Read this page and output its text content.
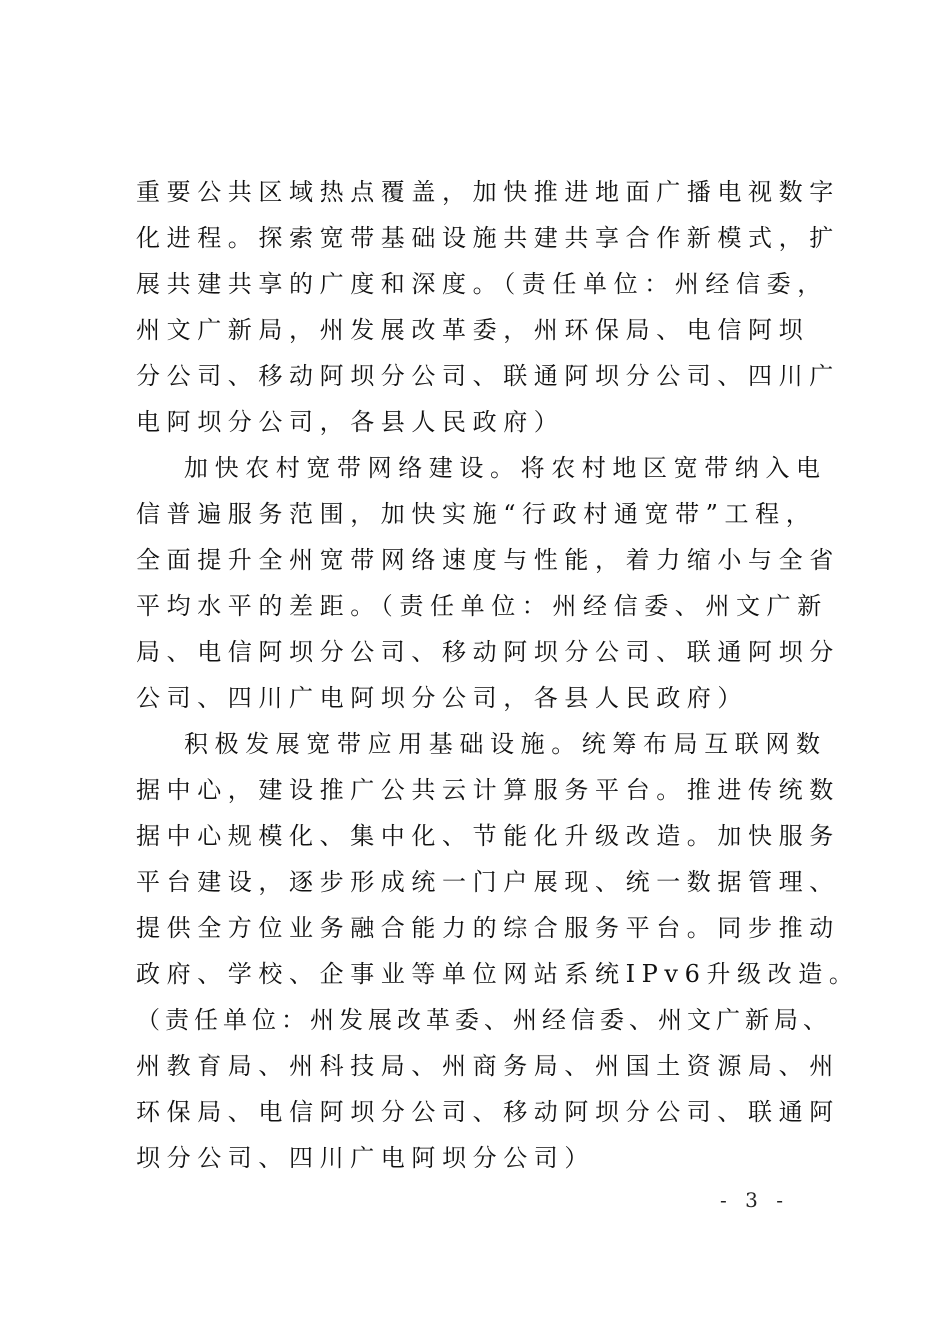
重要公共区域热点覆盖，加快推进地面广播电视数字
化进程。探索宽带基础设施共建共享合作新模式，扩
展共建共享的广度和深度。（责任单位：州经信委，
州文广新局，州发展改革委，州环保局、电信阿坝
分公司、移动阿坝分公司、联通阿坝分公司、四川广
电阿坝分公司，各县人民政府）
加快农村宽带网络建设。将农村地区宽带纳入电
信普遍服务范围，加快实施“行政村通宽带”工程，
全面提升全州宽带网络速度与性能，着力缩小与全省
平均水平的差距。（责任单位：州经信委、州文广新
局、电信阿坝分公司、移动阿坝分公司、联通阿坝分
公司、四川广电阿坝分公司，各县人民政府）
积极发展宽带应用基础设施。统筹布局互联网数
据中心，建设推广公共云计算服务平台。推进传统数
据中心规模化、集中化、节能化升级改造。加快服务
平台建设，逐步形成统一门户展现、统一数据管理、
提供全方位业务融合能力的综合服务平台。同步推动
政府、学校、企事业等单位网站系统IPv6升级改造。
（责任单位：州发展改革委、州经信委、州文广新局、
州教育局、州科技局、州商务局、州国土资源局、州
环保局、电信阿坝分公司、移动阿坝分公司、联通阿
坝分公司、四川广电阿坝分公司）
- 3 -
